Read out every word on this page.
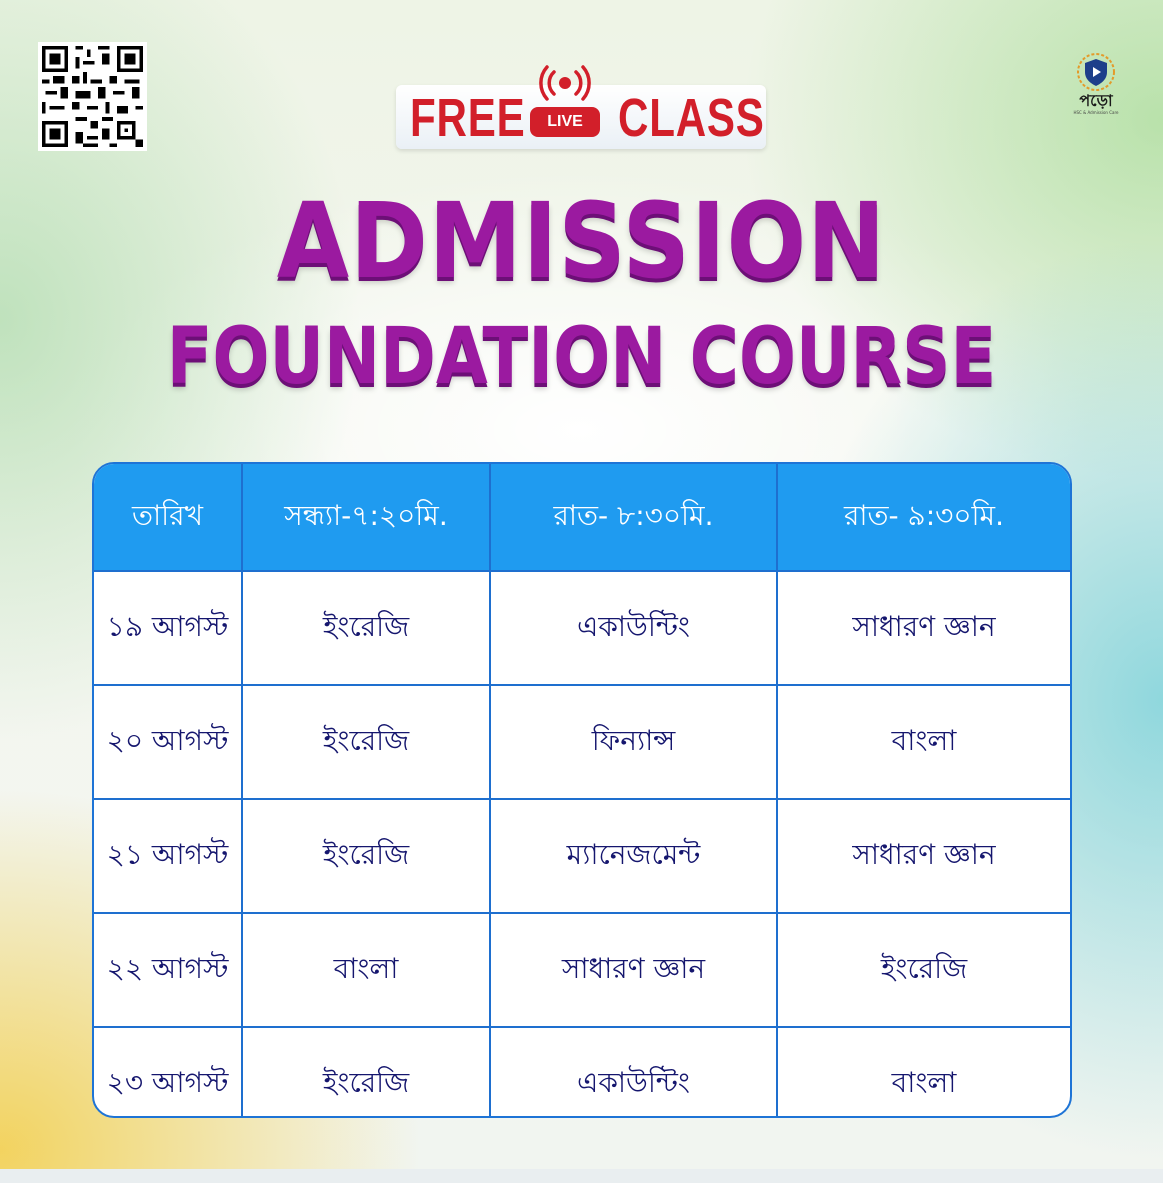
পড়ো
HSC & Admission Care
FREE	LIVE CLASS
ADMISSION
FOUNDATION COURSE
তারিখ	সন্ধ্যা-৭:২০মি.	রাত- ৮:৩০মি.	রাত- ৯:৩০মি.
১৯ আগস্ট	ইংরেজি	একাউন্টিং	সাধারণ জ্ঞান
২০ আগস্ট	ইংরেজি	ফিন্যান্স	বাংলা
২১ আগস্ট	ইংরেজি	ম্যানেজমেন্ট	সাধারণ জ্ঞান
২২ আগস্ট	বাংলা	সাধারণ জ্ঞান	ইংরেজি
২৩ আগস্ট	ইংরেজি	একাউন্টিং	বাংলা
